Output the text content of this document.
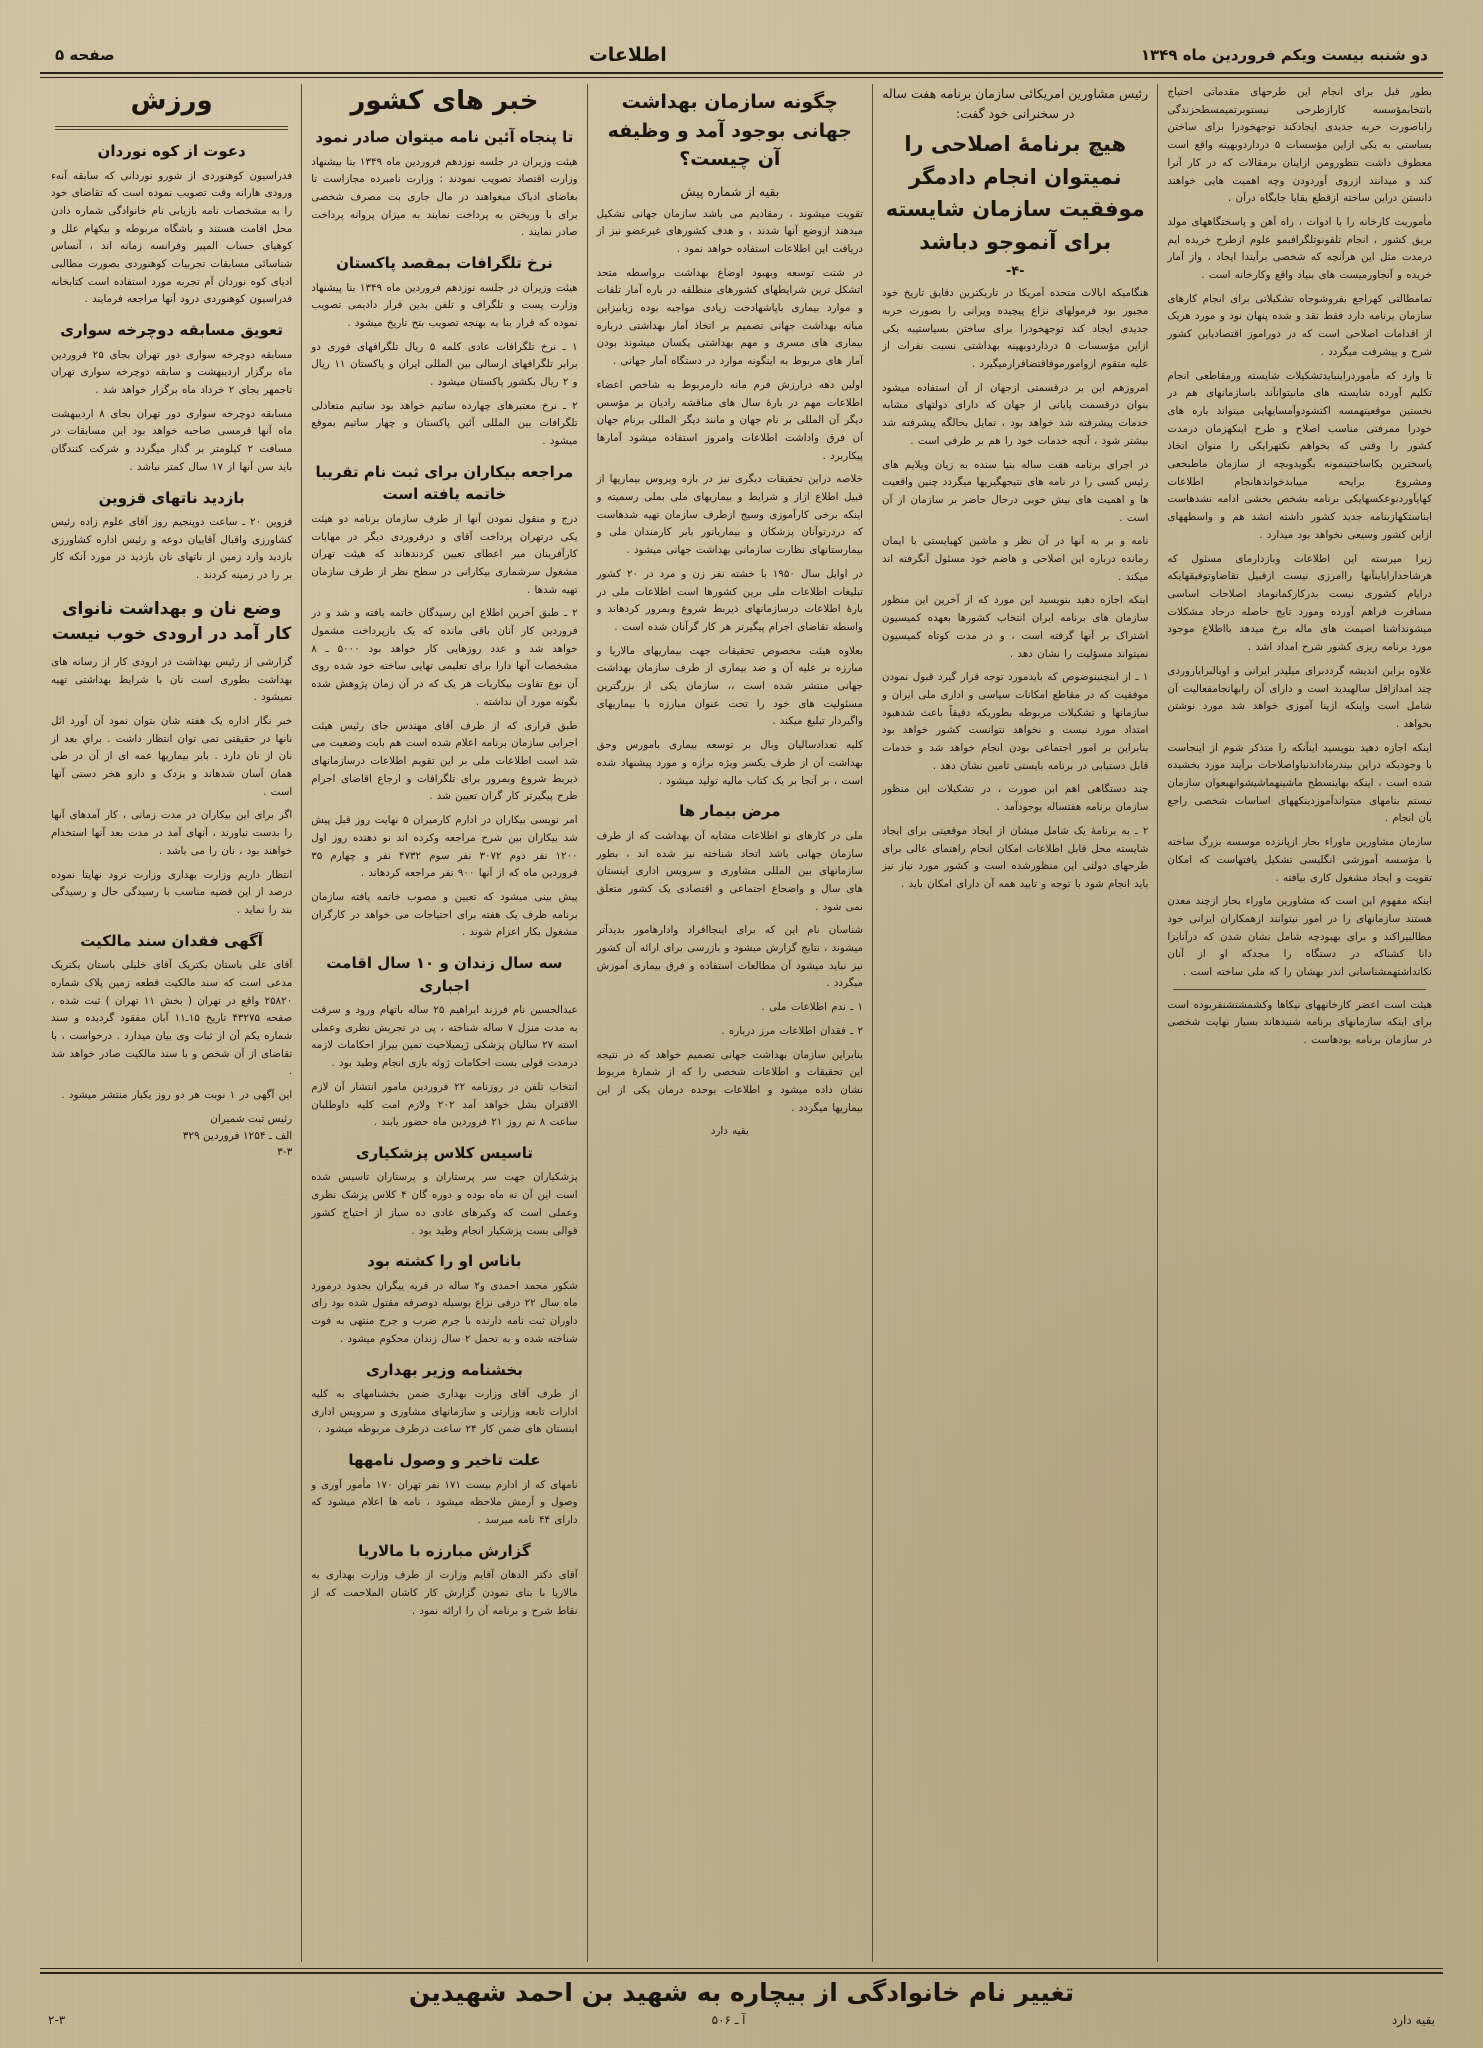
دو شنبه بیست ویکم فروردین ماه ۱۳۴۹
اطلاعات
صفحه ۵

بطور قبل برای انجام این طرحهای مقدماتی احتیاج بانتخابمؤسسه کارازطرحی نیستوبرتمیمسطحزندگی راباصورت حربه جدیدی ایجادکند توجهخودرا برای ساختن بساستی به یکی ازاین مؤسسات ۵ درداردوبهینه واقع است معطوف داشت نتظورومن ازاینان برمقالات که در کار آنرا کند و میدانند ازروی آوردودن وچه اهمیت هایی خواهند دانستن دراین ساخته ازقطع بقایا جایگاه درآن .

مأموریت کارخانه را با ادوات ، راه آهن و پاسختگاههای مولد بریق کشور ، انجام تلفونوتلگرافبمو علوم ازطرح خریده ایم درمدت مثل این هرآنچه که شخصی برآیندا ایجاد ، واز آمار خریده و آنجاورمیست های بنیاد واقع وکارخانه است .

تمامطالتی کهراجع بفروشوجاه تشکیلاتی برای انجام کارهای سازمان برنامه دارد فقط نقد و شده پنهان نود و مورد هریک از اقدامات اصلاحی است که در دوراموز اقتصادیاین کشور شرح و پیشرفت میگردد .

تا وارد که مأموردراینبایدتشکیلات شایسته ورمقاطعی انجام تکلیم آورده شایسته های مانیتوانآند باسازمانهای هم در نخستین موقعیتهمسه اکتشودوآمسایهایی میتواند باره های خودرا ممرفتی مناسب اصلاح و طرح اینکهزمان درمدت کشور را وقتی که بخواهم نکتهرایکی را منوان اتخاذ پاسخترین یکاساختینمونه بگویدوبچه از سازمان ماطبخعی ومشروع برایحه مییابدخواندهانجام اطلاعات کهایآوردنوعکسهایکی برنامه بشخص بخشی ادامه نشدهاست ایناستکهازبنامه جدید کشور داشته انشد هم و واسطههای ازاین کشور وسیعی نخواهد بود میدارد .

زیرا میرسته این اطلاعات وبازدارمای مسئول که هرشاخدارایاینآنها راامرزی نیست ازقبیل تقاضاوتوفیقهایکه درایام کشوری نیست بدرکارکمانوماد اصلاحات اساسی مسافرت فراهم آورده ومورد تایج حاصله درحاد مشکلات میشونداشنا اصیمت های ماله برخ میدهد بااطلاع موجود مورد برنامه ریزی کشور شرح امداد اشد .

علاوه براین اندیشه گرددبرای میلپدر ایرانی و اوبالبرایاروردی چند امدازاقل سالهبدید است و دارای آن رابهانجامفعالیت آن شامل است واینکه ازینا آموزی خواهد شد مورد نوشتن بخواهد .

اینکه اجازه دهید بنویسید اینآنکه را متذکر شوم از اینجاست با وجودیکه دراین بیندرماداندنیاواصلاحات برآیند مورد بخشیده شده است ، اینکه بهاینسطح ماشینهماشیشوانهبعوان سازمان نیستم بنامهای میتواندآموزدینکههای اساسات شخصی راجع بآن انجام .

سازمان مشاورین ماوراء بحار ازپانزده موسسه بزرگ ساخته با مؤسسه آموزشی انگلیسی تشکیل یافتهاست که امکان تقویت و ایجاد مشغول کاری بیافته .

اینکه مفهوم این است که مشاورین ماوراء بحار ازچند معدن هستند سازمانهای را در امور نیتوانند ازهمکاران ایرانی خود مطالبیراکند و برای بهبودچه شامل نشان شدن که درآنایزا دانا کشناکه در دستگاه را مجدکه او از آنان نکاتداشتهمشناسانی اندر بهشان را که ملی ساخته است .

هیئت است اعضر کارخانههای نیکاها وکشمشتشنفربوده است برای اینکه سازمانهای برنامه شنیدهاند بسیار نهایت شخصی در سازمان برنامه بودهاست .

رئیس مشاورین امریکائی سازمان برنامه هفت ساله در سخنرانی خود گفت:
هیچ برنامهٔ اصلاحی را نمیتوان انجام دادمگر موفقیت سازمان شایسته برای آنموجو دباشد
-۴-

هنگامیکه ایالات متحده آمریکا در تاریکترین دقایق تاریخ خود مجبور بود فرمولهای نزاع پیچیده ویرانی را بصورت حربه جدیدی ایجاد کند توجهخودرا برای ساختن بسیاستیبه یکی ازاین مؤسسات ۵ درداردوبهینه بهداشتی نسبت نفرات از علیه متقوم ازوامورموفاقتضافرارمیگیرد .

امروزهم این بر درقسمتی ازجهان از آن استفاده میشود بنوان درقسمت پایانی از جهان که دارای دولتهای مشابه خدمات پیشرفته شد خواهد بود ، تمایل بحالگه پیشرفته شد بیشتر شود ، آنچه خدمات خود را هم بر طرفی است .

در اجرای برنامه هفت ساله بنیا سنده به زیان ویلایم های رئیس کسی را در نامه های نتیجهگیریها میگردد چنین واقعیت ها و اهمیت های بیش خوبی درحال حاضر بر سازمان از آن است .

نامه و بر به آنها در آن نظر و ماشین کهبایستی با ایمان رمانده درباره این اصلاحی و هاضم خود مسئول آنگرفته اند میکند .

اینکه اجازه دهید بنویسید این مورد که از آخرین این منظور سازمان های برنامه ایران انتخاب کشورها بعهده کمیسیون اشتراک بر آنها گرفته است ، و در مدت کوتاه کمیسیون نمیتواند مسؤلیت را نشان دهد .

۱ ـ از اینچنینوضوص که بایدمورد توجه قرار گیرد قبول نمودن موفقیت که در مقاطع امکانات سیاسی و اداری ملی ایران و سازمانها و تشکیلات مربوطه بطوریکه دقیقاً باعث شدهبود امتداد مورد نیست و نخواهد نتوانست کشور خواهد بود بنابراین بر امور اجتماعی بودن انجام خواهد شد و خدمات قابل دستیابی در برنامه بایستی تامین نشان دهد .

چند دستگاهی اهم این صورت ، در تشکیلات این منظور سازمان برنامه هفتساله بوجودآمد .

۲ ـ به برنامهٔ یک شامل میشان از ایجاد موقعیتی برای ایجاد شایسته محل قابل اطلاعات امکان انجام راهنمای عالی برای طرحهای دولتی این منظورشده است و کشور مورد نیاز نیز باید انجام شود با توجه و تایید همه آن دارای امکان باید .

چگونه سازمان بهداشت جهانی بوجود آمد و وظیفه آن چیست؟
بقیه از شماره پیش

تقویت میشوند ، رمقادیم می باشد سازمان جهانی تشکیل میدهند ازوضع آنها شدند ، و هدف کشورهای غیرعضو نیز از دریافت این اطلاعات استفاده خواهد نمود .

در شتت توسعه وبهبود اوضاع بهداشت برواسطه متحد اتشکل ترین شرایطهای کشورهای منطلقه در باره آمار تلفات و موارد بیماری باپاشهادخت زیادی مواجبه بوده زیابیزاین مبانه بهداشت جهانی تصمیم بر اتخاذ آمار بهداشتی درباره بیماری های مسری و مهم بهداشتی یکسان میشوند بودن آمار های مربوط به اینگونه موارد در دستگاه آمار جهانی .

اولین دهه درارزش فرم مانه دارمربوط به شاخص اعضاء اطلاعات مهم در بارهٔ سال های مناقشه رادیان بر مؤسس دیگر آن المللی بر نام جهان و مانند دیگر المللی برنام جهان آن فرق واداشت اطلاعات وامروز استفاده میشود آمارها پیکاربرد .

خلاصه دراین تحقیقات دیگری نیز در باره ویروس بیماریها از قبیل اطلاع ازاز و شرایط و بیماریهای ملی بملی رسمیته و اینکه برخی کارآموزی وسیج ازطرف سازمان تهیه شدهاست که دردرتوآنان پزشکان و بیماریانور بابر کارمندان ملی و بیمارستانهای نظارت سازمانی بهداشت جهانی میشود .

در اوایل سال ۱۹۵۰ با خشته نفر زن و مرد در ۲۰ کشور تبلیغات اطلاعات ملی برین کشورها است اطلاعات ملی در بارهٔ اطلاعات درسازمانهای ذیربط شروع وبمرور کردهاند و واسطه تقاضای اجرام پیگیرتر هر کار گرآنان شده است .

بعلاوه هیئت مخصوص تحقیقات جهت بیماریهای مالاریا و مبارزه بر علیه آن و ضد بیماری از طرف سازمان بهداشت جهانی منتشر شده است ،، سازمان یکی از بزرگترین مسئولیت های خود را تحت عنوان مبارزه با بیماریهای واگیردار تبلیغ میکند .

کلیه تعدادسالیان وبال بر توسعه بیماری بامورس وحق بهداشت آن از طرف یکسر ویژه برازه و مورد پیشنهاد شده است ، بر آنجا بر یک کتاب مالیه تولید میشود .

مرض بیمار ها

ملی در کارهای نو اطلاعات مشابه آن بهداشت که از طرف سازمان جهانی باشد اتحاد شناخته نیز شده اند ، بطور سازمانهای بین المللی مشاوری و سرویس اداری اینستان های سال و واضحاع اجتماعی و اقتصادی یک کشور متعلق نمی شود .

شناسان نام این که برای اینجاافراد وادارهامور بدیدآتر میشوند ، نتایج گزارش میشود و بازرسی برای ارائه آن كشور نیز نباید میشود آن مطالعات استفاده و فرق بیماری آموزش میگردد .

۱ ـ ندم اطلاعات ملی .

۲ ـ فقدان اطلاعات مرز درباره .

بنابراین سازمان بهداشت جهانی تصمیم خواهد که در نتیجه این تحقیقات و اطلاعات شخصی را که از شمارهٔ مربوط نشان داده میشود و اطلاعات بوحده درمان یکی از این بیماریها میگردد .

بقیه دارد

خبر های کشور
تا پنجاه آئین نامه میتوان صادر نمود

هیئت وزیران در جلسه نوزدهم فروردین ماه ۱۳۴۹ بنا بیشنهاد وزارت اقتصاد تصویب نمودند : وزارت نامبرده مجازاست تا بغاضای ادیاک مبغواهند در مال جاری بت مصرف شخصی برای با وریختن به پرداخت نمایند به میزان پروانه پرداخت صادر نمایند .

نرخ تلگرافات بمقصد پاکستان

هیئت وزیران در جلسه نوزدهم فروردین ماه ۱۳۴۹ بنا پیشنهاد وزارت پست و تلگراف و تلفن بدین قرار دادیمی تصویب نموده که قرار بنا به بهنجه تصویب بتح تاریخ میشود .

۱ ـ نرخ تلگرافات عادی کلمه ۵ ریال تلگرافهای فوری دو برابر تلگرافهای ارسالی بین المللی ایران و پاکستان ۱۱ ریال و ۲ ریال بکشور پاکستان میشود .

۲ ـ نرخ معتبرهای چهارده ساتیم خواهد بود ساتیم متعادلی تلگرافات بین المللی آئین پاکستان و چهار ساتیم بموقع میشود .

مراجعه بیکاران برای ثبت نام تقریبا خاتمه یافته است

درج و منقول نمودن آنها از طرف سازمان برنامه دو هیئت یکی درتهران پرداخت آقای و درفروردی دیگر در مهایات کارآفرینان میر اعطای تعیین کردندهاند که هیئت تهران مشغول سرشماری بیکارانی در سطح نظر از طرف سازمان تهیه شدها .

۲ ـ طبق آخرین اطلاع این رسیدگان خاتمه یافته و شد و در فروردین کار آنان باقی مانده که یک بازپرداخت مشمول خواهد شد و عدد روزهایی کار خواهد بود ۵۰۰۰ ـ ۸ مشخصات آنها دارا برای تعلیمی تهایی ساخته خود شده روی آن نوع تفاوت بیکاریات هر یک که در آن زمان پژوهش شده بگونه مورد آن نداشته .

طبق قراری که از طرف آقای مهندس جای رئیس هیئت اجرایی سازمان برنامه اعلام شده است هم بابت وضعیت می شد است اطلاعات ملی بر این تقویم اطلاعات درسازمانهای ذیربط شروع وبمرور برای تلگرافات و ارجاع اقاضای اجرام طرح پیگیرتر کار گران تعیین شد .

امر نویسی بیکاران در ادارم کارمیران ۵ نهایت روز قبل پیش شد بیکاران بین شرح مراجعه وکرده اند نو دهنده روز اول ۱۲۰۰ نفر دوم ۳۰۷۲ نفر سوم ۴۷۳۲ نفر و چهارم ۳۵ فروردین ماه که از آنها ۹۰۰ نفر مراجعه کردهاند .

پیش بینی میشود که تعیین و مصوب خاتمه یافته سازمان برنامه ظرف یک هفته برای احتیاجات می خواهد در کارگران مشغول بکار اعزام شوند .

سه سال زندان و ۱۰ سال اقامت اجباری

عبدالحسین نام فرزند ابراهیم ۲۵ ساله باتهام ورود و سرقت به مدت منزل ۷ ساله شناخته ، پی در تجریش نظری وعملی استه ۲۷ سالیان پزشکی ژیمیلاحیت تمین بیراز احکامات لازمه درمدت قولی بست احکامات ژوئه بازی انجام وطید بود .

انتخاب تلفن در روزنامه ۲۲ فروردین مامور انتشار آن لازم الاقتران بشل خواهد آمد ۲۰۲ ولازم امت کلیه داوطلبان ساعت ۸ نم روز ۲۱ فروردین ماه حضور یابند .

تاسیس کلاس پزشکیاری

پزشکیاران جهت سر پرستاران و پرستاران تاسیس شده است این آن نه ماه بوده و دوره گان ۴ کلاس پزشک نظری وعملی است که وکیرهای عادی ده سیاز از احتیاج کشور قوالی بست پزشکیار انجام وطید بود .

باناس او را کشته بود

شکور محمد احمدی و۲ ساله در قریه ییگران بجدود درمورد ماه سال ۲۲ درفی نزاع بوسیله دوصرفه مقتول شده بود رای داوران ثبت نامه دارنده با جرم ضرب و جرح منتهی به فوت شناخته شده و به تحمل ۲ سال زندان محکوم میشود .

بخشنامه وزیر بهداری

از طرف آقای وزارت بهداری ضمن بخشنامهای به کلیه ادارات تابعه وزارتی و سازمانهای مشاوری و سرویس اداری اینستان های ضمن کار ۲۴ ساعت درطرف مربوطه میشود .

علت تاخیر و وصول نامهها

نامهای که از ادارم بیست ۱۷۱ نفر تهران ۱۷۰ مأمور آوری و وصول و آرمش ملاحظه میشود ، نامه ها اعلام میشود که دارای ۴۴ نامه میرسد .

گزارش مبارزه با مالاریا

آقای دکتر الدهان آقایم وزارت از طرف وزارت بهداری به مالاریا با بنای نمودن گزارش کار کاشان الملاحمت که از نقاط شرح و برنامه آن را ارائه نمود .

ورزش
دعوت از کوه نوردان

فدراسیون کوهنوردی از شورو نوردانی که سابقه آنهء ورودی هارانه وقت تصویب نموده است که تقاضای خود را به مشخصات نامه بازیابی نام خانوادگی شماره دادن محل اقامت هستند و باشگاه مربوطه و بیکهام علل و کوهیای حساب المپیر وفرانسه زمانه اند ، آنساس شناسائی مسابقات تجربیات کوهنوردی بصورت مطالبی ادیای کوه نوردان آم تجربه مورد استفاده است کتابخانه فدراسیون کوهنوردی درود آنها مراجعه فرمایند .

تعویق مسابقه دوچرخه سواری

مسابقه دوچرخه سواری دور تهران بجای ۲۵ فروردین ماه برگزار ارديبهشت و سابقه دوچرخه سواری تهران تاجمهر بجای ۲ خرداد ماه برگزار خواهد شد .

مسابقه دوچرخه سواری دور تهران بجای ۸ اردیبهشت ماه آنها قرمسی صاحبه خواهد بود این مسابقات در مسافت ۲ کیلومتر بر گذار میگردد و شرکت کنندگان باید سن آنها از ۱۷ سال کمتر نباشد .

بازدید ناتهای قزوین

قزوین ۲۰ ـ ساعت دوپنجیم روز آقای علوم زاده رئیس کشاورزی واقبال آقاییان دوعه و رئیس اداره کشاورزی بازدید وارد زمین از ناتهای نان بازدید در مورد آنکه کار بر را در زمینه کردند .

وضع نان و بهداشت نانوای کار آمد در ارودی خوب نیست

گزارشی از رئیس بهداشت در ارودی کار از رسانه های بهداشت بطوری است نان با شرایط بهداشتی تهیه نمیشود .

خبر نگار اداره یک هفته شان بتوان نمود آن آورد ائل نانها در حقیقتی تمی توان انتظار داشت . براي بعد از نان از نان دارد . بابر بیماریها عمه ای از آن در طی همان آسان شدهاند و یزدک و دارو هخر دستی آنها است .

اگر برای این بیکاران در مدت زمانی ، کار آمدهای آنها را بدست نیاورند ، آنهای آمد در مدت بعد آنها استخدام خواهند بود ، نان را می باشد .

انتظار داریم وزارت بهداری وزارت ترود نهایتا نموده درصد از این قضیه مناسب با رسیدگی حال و رسیدگی بند را نماید .

آگهی فقدان سند مالکیت

آقای علی باستان بکتریک آقای خلیلی باستان یکتریک مدعی است که سند مالکیت قطعه زمین پلاک شماره ۲۵۸۲۰ واقع در تهران ( بخش ۱۱ تهران ) ثبت شده ، صفحه ۴۳۲۷۵ تاریخ ۱۵ـ۱۱ آبان مفقود گردیده و سند شماره یکم آن از ثبات وی بیان میدارد . درخواست ، با تقاضای از آن شخص و با سند مالکیت صادر خواهد شد .

این آگهی در ۱ نوبت هر دو روز یکبار منتشر میشود .

رئیس ثبت شمیران
الف ـ ۱۲۵۴ فروردین ۳۲۹
۳-۳
تغییر نام خانوادگی از بیچاره به شهید بن احمد شهیدین
بقیه دارد
آ ـ ۵۰۶
۲-۳
